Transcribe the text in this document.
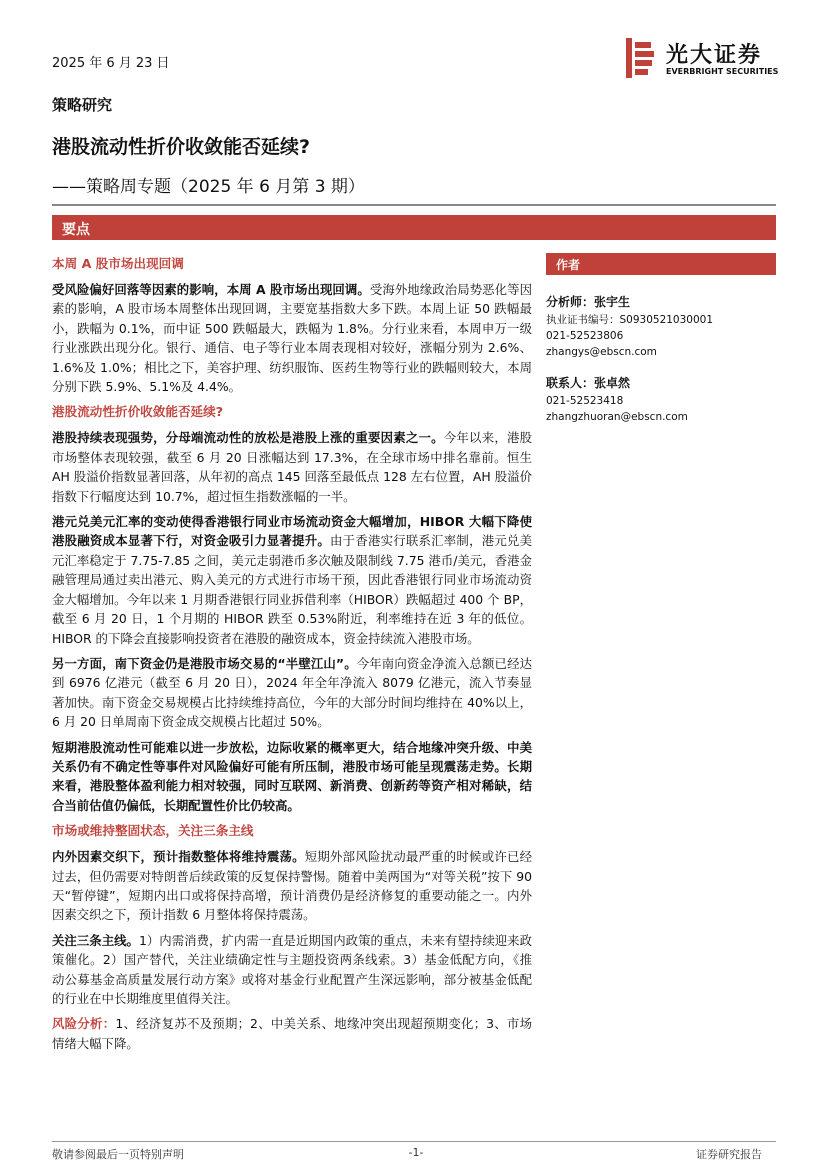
2025 年 6 月 23 日	光大证券
EVERBRIGHT SECURITIES
策略研究
港股流动性折价收敛能否延续?
——策略周专题（2025 年 6 月第 3 期）
要点
本周 A 股市场出现回调

受风险偏好回落等因素的影响，本周 A 股市场出现回调。受海外地缘政治局势恶化等因素的影响，A 股市场本周整体出现回调，主要宽基指数大多下跌。本周上证 50 跌幅最小，跌幅为 0.1%，而中证 500 跌幅最大，跌幅为 1.8%。分行业来看，本周申万一级行业涨跌出现分化。银行、通信、电子等行业本周表现相对较好，涨幅分别为 2.6%、1.6%及 1.0%；相比之下，美容护理、纺织服饰、医药生物等行业的跌幅则较大，本周分别下跌 5.9%、5.1%及 4.4%。

港股流动性折价收敛能否延续?

港股持续表现强势，分母端流动性的放松是港股上涨的重要因素之一。今年以来，港股市场整体表现较强，截至 6 月 20 日涨幅达到 17.3%，在全球市场中排名靠前。恒生 AH 股溢价指数显著回落，从年初的高点 145 回落至最低点 128 左右位置，AH 股溢价指数下行幅度达到 10.7%，超过恒生指数涨幅的一半。

港元兑美元汇率的变动使得香港银行同业市场流动资金大幅增加，HIBOR 大幅下降使港股融资成本显著下行，对资金吸引力显著提升。由于香港实行联系汇率制，港元兑美元汇率稳定于 7.75-7.85 之间，美元走弱港币多次触及限制线 7.75 港币/美元，香港金融管理局通过卖出港元、购入美元的方式进行市场干预，因此香港银行同业市场流动资金大幅增加。今年以来 1 月期香港银行同业拆借利率（HIBOR）跌幅超过 400 个 BP，截至 6 月 20 日，1 个月期的 HIBOR 跌至 0.53%附近，利率维持在近 3 年的低位。HIBOR 的下降会直接影响投资者在港股的融资成本，资金持续流入港股市场。

另一方面，南下资金仍是港股市场交易的“半壁江山”。今年南向资金净流入总额已经达到 6976 亿港元（截至 6 月 20 日），2024 年全年净流入 8079 亿港元，流入节奏显著加快。南下资金交易规模占比持续维持高位，今年的大部分时间均维持在 40%以上，6 月 20 日单周南下资金成交规模占比超过 50%。

短期港股流动性可能难以进一步放松，边际收紧的概率更大，结合地缘冲突升级、中美关系仍有不确定性等事件对风险偏好可能有所压制，港股市场可能呈现震荡走势。长期来看，港股整体盈利能力相对较强，同时互联网、新消费、创新药等资产相对稀缺，结合当前估值仍偏低，长期配置性价比仍较高。

市场或维持整固状态，关注三条主线

内外因素交织下，预计指数整体将维持震荡。短期外部风险扰动最严重的时候或许已经过去，但仍需要对特朗普后续政策的反复保持警惕。随着中美两国为“对等关税”按下 90 天“暂停键”，短期内出口或将保持高增，预计消费仍是经济修复的重要动能之一。内外因素交织之下，预计指数 6 月整体将保持震荡。

关注三条主线。1）内需消费，扩内需一直是近期国内政策的重点，未来有望持续迎来政策催化。2）国产替代，关注业绩确定性与主题投资两条线索。3）基金低配方向，《推动公募基金高质量发展行动方案》或将对基金行业配置产生深远影响，部分被基金低配的行业在中长期维度里值得关注。

风险分析：1、经济复苏不及预期；2、中美关系、地缘冲突出现超预期变化；3、市场情绪大幅下降。

作者
分析师：张宇生
执业证书编号：S0930521030001
021-52523806
zhangys@ebscn.com
联系人：张卓然
021-52523418
zhangzhuoran@ebscn.com
敬请参阅最后一页特别声明	-1-	证券研究报告
